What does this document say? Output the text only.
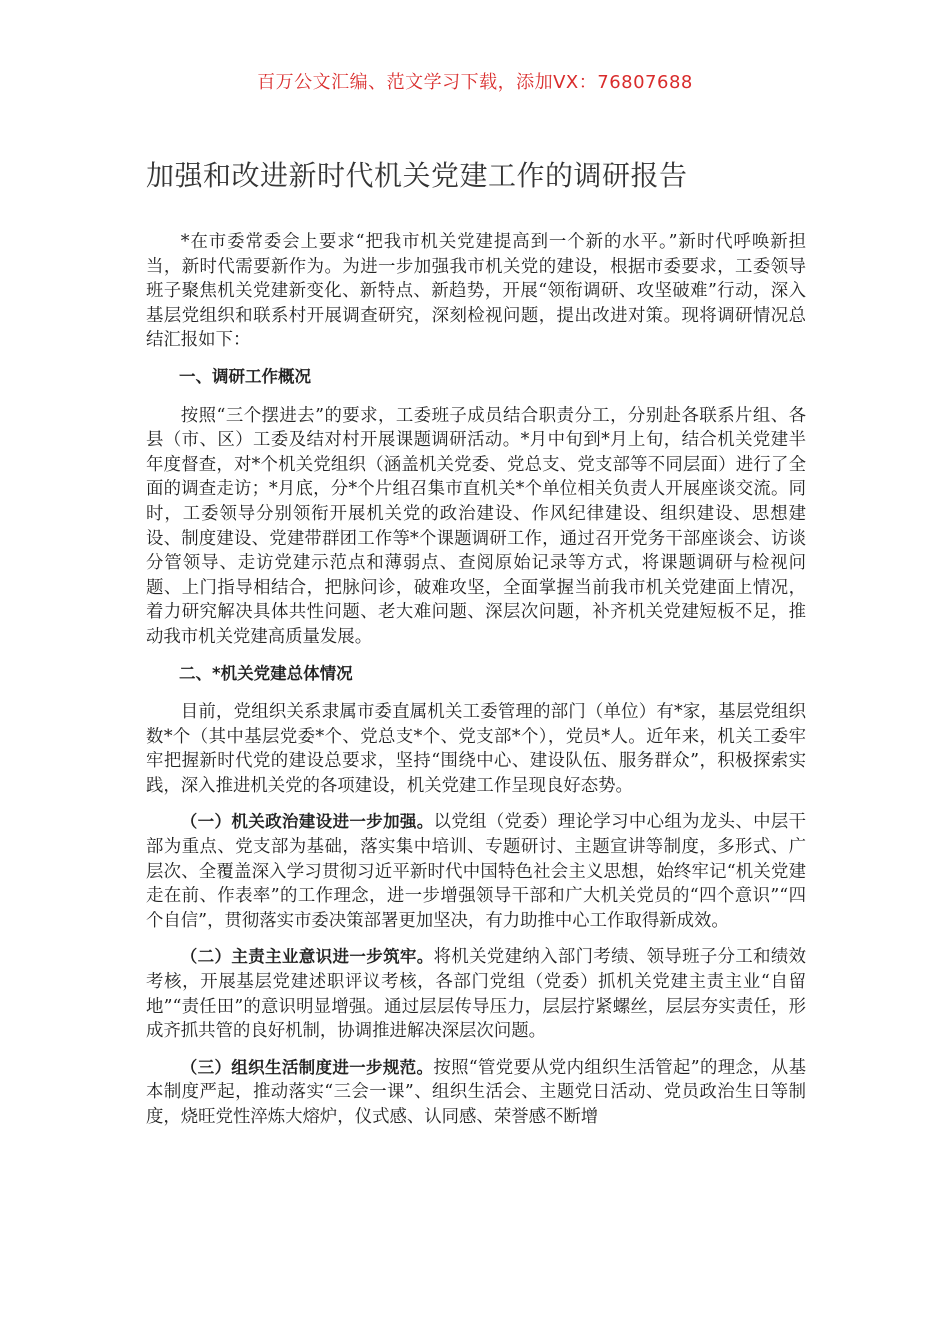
百万公文汇编、范文学习下载，添加VX：76807688
加强和改进新时代机关党建工作的调研报告

*在市委常委会上要求“把我市机关党建提高到一个新的水平。”新时代呼唤新担当，新时代需要新作为。为进一步加强我市机关党的建设，根据市委要求，工委领导班子聚焦机关党建新变化、新特点、新趋势，开展“领衔调研、攻坚破难”行动，深入基层党组织和联系村开展调查研究，深刻检视问题，提出改进对策。现将调研情况总结汇报如下：

一、调研工作概况

按照“三个摆进去”的要求，工委班子成员结合职责分工，分别赴各联系片组、各县（市、区）工委及结对村开展课题调研活动。*月中旬到*月上旬，结合机关党建半年度督查，对*个机关党组织（涵盖机关党委、党总支、党支部等不同层面）进行了全面的调查走访；*月底，分*个片组召集市直机关*个单位相关负责人开展座谈交流。同时，工委领导分别领衔开展机关党的政治建设、作风纪律建设、组织建设、思想建设、制度建设、党建带群团工作等*个课题调研工作，通过召开党务干部座谈会、访谈分管领导、走访党建示范点和薄弱点、查阅原始记录等方式，将课题调研与检视问题、上门指导相结合，把脉问诊，破难攻坚，全面掌握当前我市机关党建面上情况，着力研究解决具体共性问题、老大难问题、深层次问题，补齐机关党建短板不足，推动我市机关党建高质量发展。

二、*机关党建总体情况

目前，党组织关系隶属市委直属机关工委管理的部门（单位）有*家，基层党组织数*个（其中基层党委*个、党总支*个、党支部*个），党员*人。近年来，机关工委牢牢把握新时代党的建设总要求，坚持“围绕中心、建设队伍、服务群众”，积极探索实践，深入推进机关党的各项建设，机关党建工作呈现良好态势。

（一）机关政治建设进一步加强。以党组（党委）理论学习中心组为龙头、中层干部为重点、党支部为基础，落实集中培训、专题研讨、主题宣讲等制度，多形式、广层次、全覆盖深入学习贯彻习近平新时代中国特色社会主义思想，始终牢记“机关党建走在前、作表率”的工作理念，进一步增强领导干部和广大机关党员的“四个意识”“四个自信”，贯彻落实市委决策部署更加坚决，有力助推中心工作取得新成效。

（二）主责主业意识进一步筑牢。将机关党建纳入部门考绩、领导班子分工和绩效考核，开展基层党建述职评议考核，各部门党组（党委）抓机关党建主责主业“自留地”“责任田”的意识明显增强。通过层层传导压力，层层拧紧螺丝，层层夯实责任，形成齐抓共管的良好机制，协调推进解决深层次问题。

（三）组织生活制度进一步规范。按照“管党要从党内组织生活管起”的理念，从基本制度严起，推动落实“三会一课”、组织生活会、主题党日活动、党员政治生日等制度，烧旺党性淬炼大熔炉，仪式感、认同感、荣誉感不断增
